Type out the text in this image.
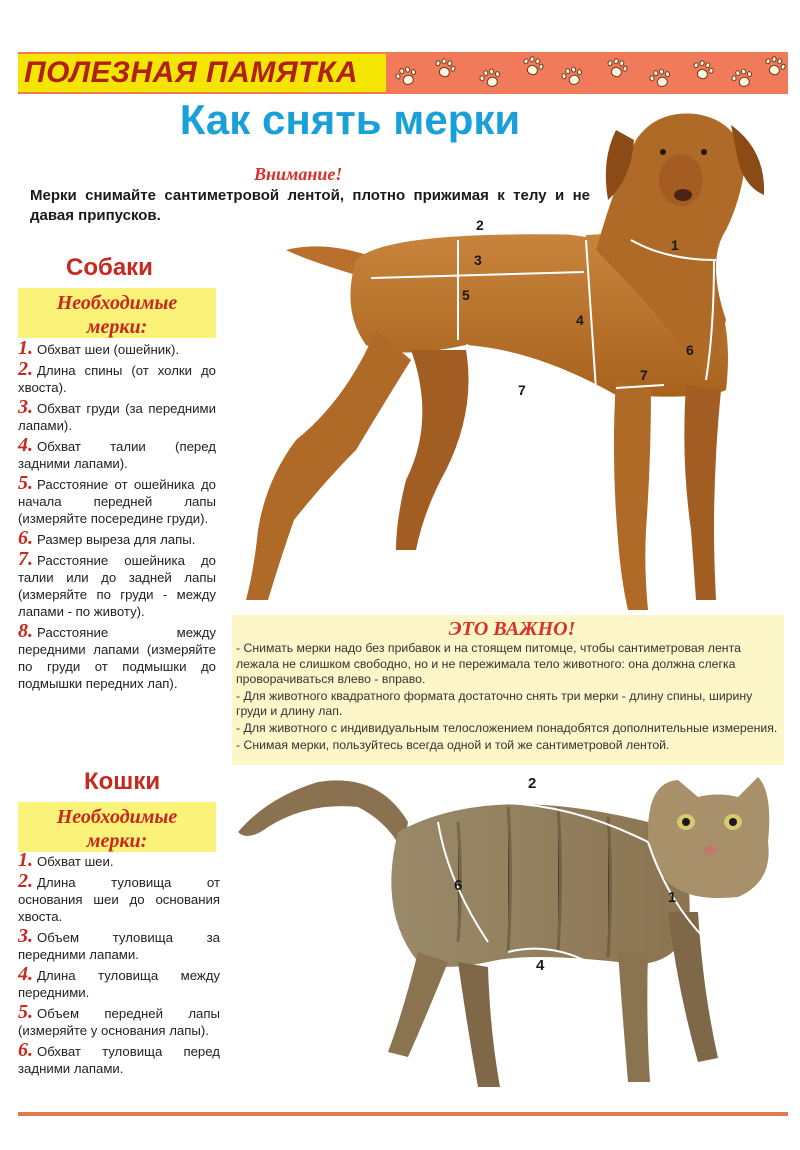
ПОЛЕЗНАЯ ПАМЯТКА
Как снять мерки
Внимание!
Мерки снимайте сантиметровой лентой, плотно прижимая к телу и не давая припусков.
2
3
5
4
1
6
7
7
Собаки
Необходимые
мерки:
1. Обхват шеи (ошейник).
2. Длина спины (от холки до хвоста).
3. Обхват груди (за передними лапами).
4. Обхват талии (перед задними лапами).
5. Расстояние от ошейника до начала передней лапы (измеряйте посередине груди).
6. Размер выреза для лапы.
7. Расстояние ошейника до талии или до задней лапы (измеряйте по груди - между лапами - по животу).
8. Расстояние между передними лапами (измеряйте по груди от подмышки до подмышки передних лап).
ЭТО ВАЖНО!

- Снимать мерки надо без прибавок и на стоящем питомце, чтобы сантиметровая лента лежала не слишком свободно, но и не пережимала тело животного: она должна слегка проворачиваться влево - вправо.

- Для животного квадратного формата достаточно снять три мерки - длину спины, ширину груди и длину лап.

- Для животного с индивидуальным телосложением понадобятся дополнительные измерения.

- Снимая мерки, пользуйтесь всегда одной и той же сантиметровой лентой.

2
1
4
6
Кошки
Необходимые
мерки:
1. Обхват шеи.
2. Длина туловища от основания шеи до основания хвоста.
3. Объем туловища за передними лапами.
4. Длина туловища между передними.
5. Объем передней лапы (измеряйте у основания лапы).
6. Обхват туловища перед задними лапами.
